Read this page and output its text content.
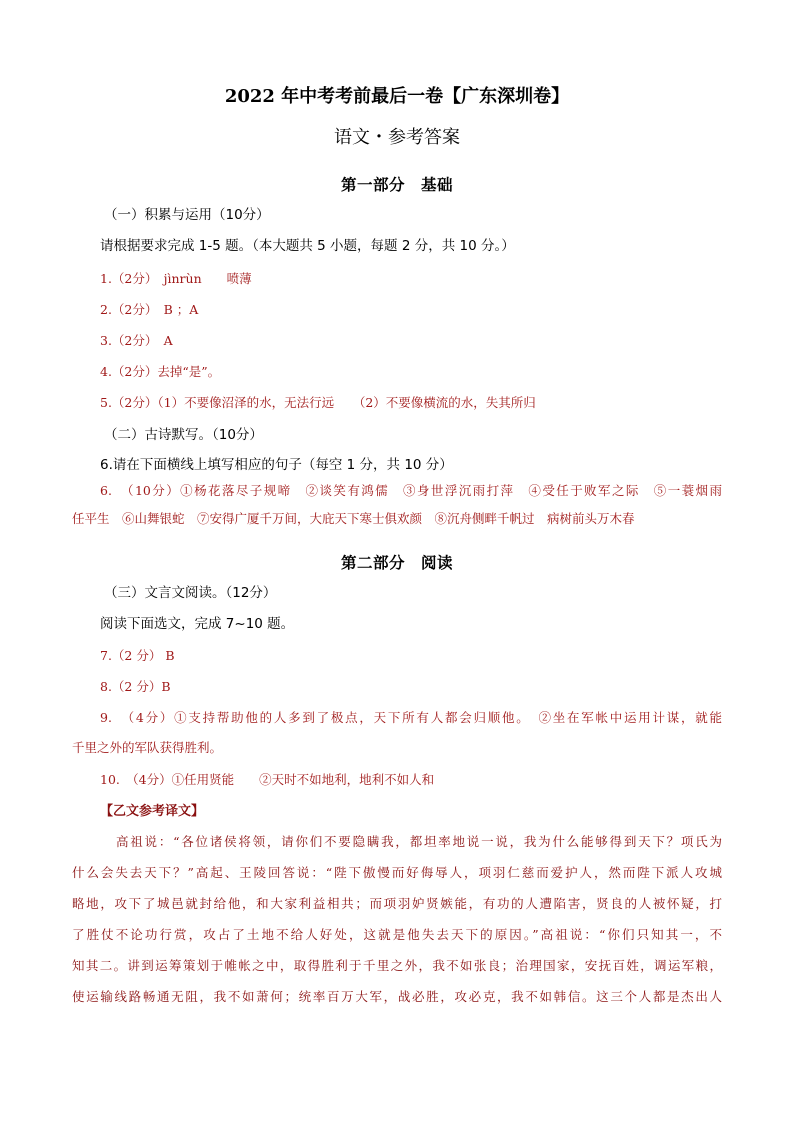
2022 年中考考前最后一卷【广东深圳卷】
语文・参考答案
第一部分　基础
（一）积累与运用（10分）
请根据要求完成 1-5 题。（本大题共 5 小题，每题 2 分，共 10 分。）
1.（2分）　jìnrùn　　喷薄
2.（2分）　B ；A
3.（2分）　A
4.（2分）去掉“是”。
5.（2分）（1）不要像沼泽的水，无法行远　　（2）不要像横流的水，失其所归
（二）古诗默写。（10分）
6.请在下面横线上填写相应的句子（每空 1 分，共 10 分）
6.　（10分）①杨花落尽子规啼　②谈笑有鸿儒　③身世浮沉雨打萍　④受任于败军之际　⑤一蓑烟雨
任平生　⑥山舞银蛇　⑦安得广厦千万间，大庇天下寒士俱欢颜　⑧沉舟侧畔千帆过　病树前头万木春
第二部分　阅读
（三）文言文阅读。（12分）
阅读下面选文，完成 7~10 题。
7.（2 分） B
8.（2 分）B
9.　（4分）①支持帮助他的人多到了极点，天下所有人都会归顺他。　②坐在军帐中运用计谋，就能
千里之外的军队获得胜利。
10.　（4分）①任用贤能　　②天时不如地利，地利不如人和
【乙文参考译文】
高祖说：“各位诸侯将领，请你们不要隐瞒我，都坦率地说一说，我为什么能够得到天下？项氏为
什么会失去天下？”高起、王陵回答说：“陛下傲慢而好侮辱人，项羽仁慈而爱护人，然而陛下派人攻城
略地，攻下了城邑就封给他，和大家利益相共；而项羽妒贤嫉能，有功的人遭陷害，贤良的人被怀疑，打
了胜仗不论功行赏，攻占了土地不给人好处，这就是他失去天下的原因。”高祖说：“你们只知其一，不
知其二。讲到运筹策划于帷帐之中，取得胜利于千里之外，我不如张良；治理国家，安抚百姓，调运军粮，
使运输线路畅通无阻，我不如萧何；统率百万大军，战必胜，攻必克，我不如韩信。这三个人都是杰出人
